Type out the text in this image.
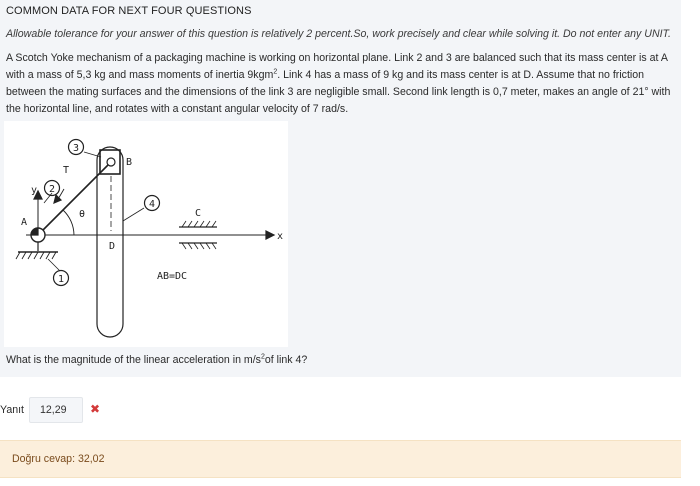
COMMON DATA FOR NEXT FOUR QUESTIONS
Allowable tolerance for your answer of this question is relatively 2 percent.So, work precisely and clear while solving it. Do not enter any UNIT.
A Scotch Yoke mechanism of a packaging machine is working on horizontal plane. Link 2 and 3 are balanced such that its mass center is at A with a mass of 5,3 kg and mass moments of inertia 9kgm$^2$. Link 4 has a mass of 9 kg and its mass center is at D. Assume that no friction between the mating surfaces and the dimensions of the link 3 are negligible small. Second link length is 0,7 meter, makes an angle of 21° with the horizontal line, and rotates with a constant angular velocity of 7 rad/s.
3
2
4
1
B
A
C
D
y
x
θ
T
AB=DC
What is the magnitude of the linear acceleration in $m/s^2of$ link 4?
Yanıt	12,29	✖
Doğru cevap: 32,02
